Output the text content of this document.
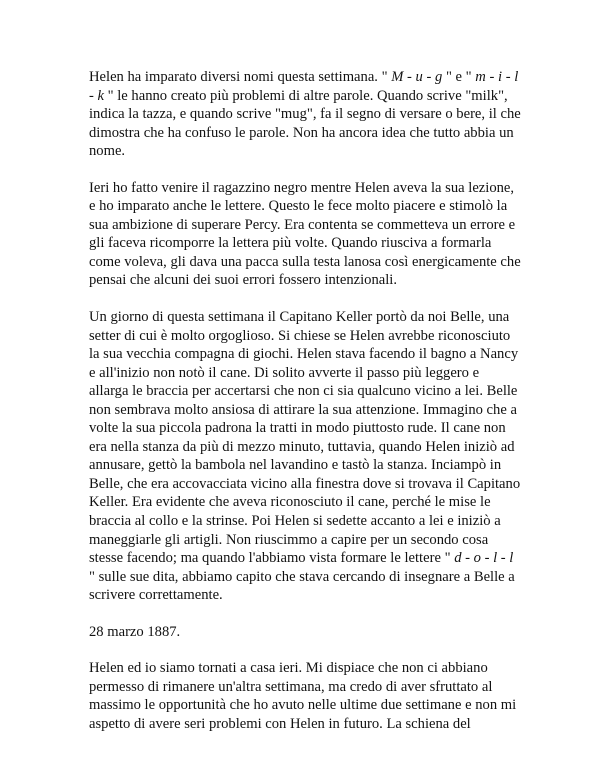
Helen ha imparato diversi nomi questa settimana. " M - u - g " e " m - i - l - k " le hanno creato più problemi di altre parole. Quando scrive "milk", indica la tazza, e quando scrive "mug", fa il segno di versare o bere, il che dimostra che ha confuso le parole. Non ha ancora idea che tutto abbia un nome.

Ieri ho fatto venire il ragazzino negro mentre Helen aveva la sua lezione, e ho imparato anche le lettere. Questo le fece molto piacere e stimolò la sua ambizione di superare Percy. Era contenta se commetteva un errore e gli faceva ricomporre la lettera più volte. Quando riusciva a formarla come voleva, gli dava una pacca sulla testa lanosa così energicamente che pensai che alcuni dei suoi errori fossero intenzionali.

Un giorno di questa settimana il Capitano Keller portò da noi Belle, una setter di cui è molto orgoglioso. Si chiese se Helen avrebbe riconosciuto la sua vecchia compagna di giochi. Helen stava facendo il bagno a Nancy e all'inizio non notò il cane. Di solito avverte il passo più leggero e allarga le braccia per accertarsi che non ci sia qualcuno vicino a lei. Belle non sembrava molto ansiosa di attirare la sua attenzione. Immagino che a volte la sua piccola padrona la tratti in modo piuttosto rude. Il cane non era nella stanza da più di mezzo minuto, tuttavia, quando Helen iniziò ad annusare, gettò la bambola nel lavandino e tastò la stanza. Inciampò in Belle, che era accovacciata vicino alla finestra dove si trovava il Capitano Keller. Era evidente che aveva riconosciuto il cane, perché le mise le braccia al collo e la strinse. Poi Helen si sedette accanto a lei e iniziò a maneggiarle gli artigli. Non riuscimmo a capire per un secondo cosa stesse facendo; ma quando l'abbiamo vista formare le lettere " d - o - l - l " sulle sue dita, abbiamo capito che stava cercando di insegnare a Belle a scrivere correttamente.

28 marzo 1887.

Helen ed io siamo tornati a casa ieri. Mi dispiace che non ci abbiano permesso di rimanere un'altra settimana, ma credo di aver sfruttato al massimo le opportunità che ho avuto nelle ultime due settimane e non mi aspetto di avere seri problemi con Helen in futuro. La schiena del
